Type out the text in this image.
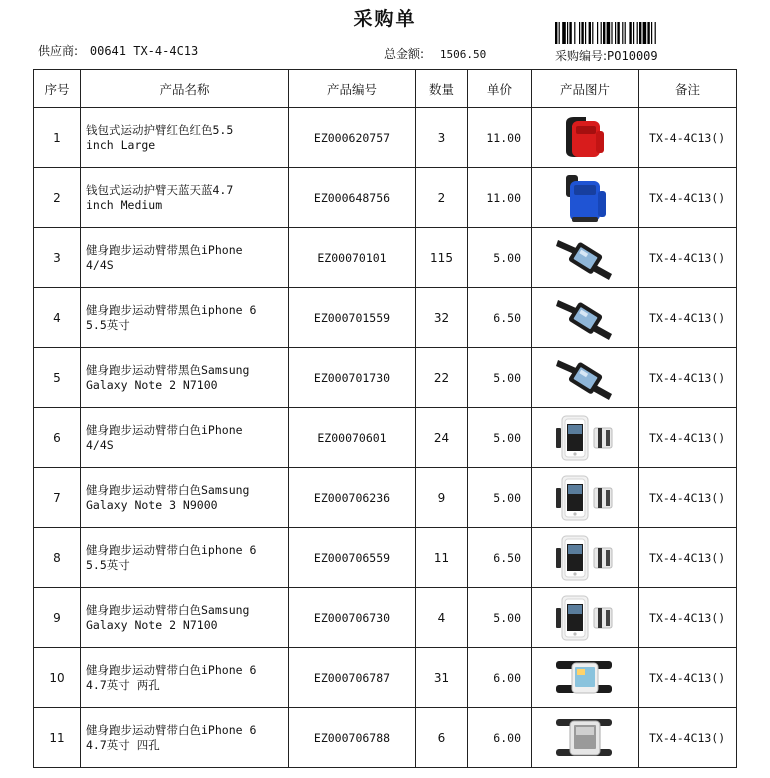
采购单
供应商: 00641 TX-4-4C13	总金额: 1506.50	采购编号:PO10009
序号	产品名称	产品编号	数量	单价	产品图片	备注
1	钱包式运动护臂红色红色5.5
inch Large	EZ000620757	3	11.00		TX-4-4C13()
2	钱包式运动护臂天蓝天蓝4.7
inch Medium	EZ000648756	2	11.00		TX-4-4C13()
3	健身跑步运动臂带黑色iPhone
4/4S	EZ00070101	115	5.00		TX-4-4C13()
4	健身跑步运动臂带黑色iphone 6
5.5英寸	EZ000701559	32	6.50		TX-4-4C13()
5	健身跑步运动臂带黑色Samsung
Galaxy Note 2 N7100	EZ000701730	22	5.00		TX-4-4C13()
6	健身跑步运动臂带白色iPhone
4/4S	EZ00070601	24	5.00		TX-4-4C13()
7	健身跑步运动臂带白色Samsung
Galaxy Note 3 N9000	EZ000706236	9	5.00		TX-4-4C13()
8	健身跑步运动臂带白色iphone 6
5.5英寸	EZ000706559	11	6.50		TX-4-4C13()
9	健身跑步运动臂带白色Samsung
Galaxy Note 2 N7100	EZ000706730	4	5.00		TX-4-4C13()
10	健身跑步运动臂带白色iPhone 6
4.7英寸 两孔	EZ000706787	31	6.00		TX-4-4C13()
11	健身跑步运动臂带白色iPhone 6
4.7英寸 四孔	EZ000706788	6	6.00		TX-4-4C13()
